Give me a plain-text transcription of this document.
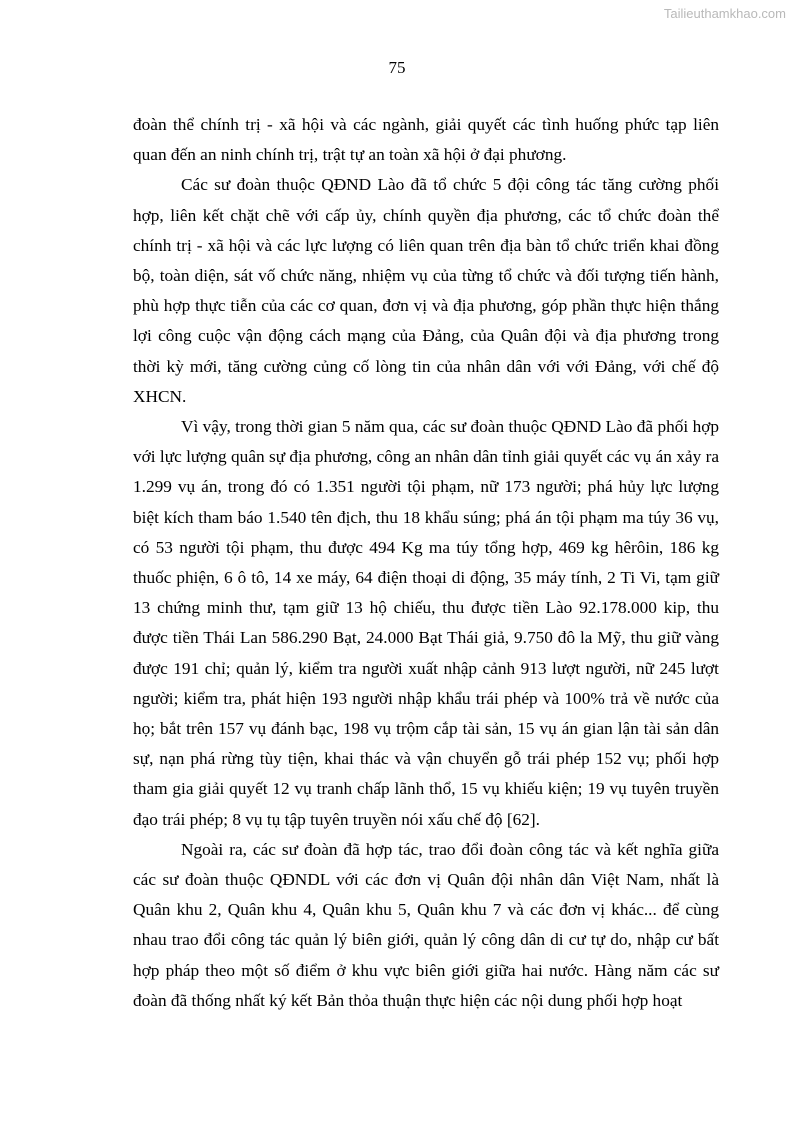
Tailieuthamkhao.com
75

đoàn thể chính trị - xã hội và các ngành, giải quyết các tình huống phức tạp liên quan đến an ninh chính trị, trật tự an toàn xã hội ở đại phương.

Các sư đoàn thuộc QĐND Lào đã tổ chức 5 đội công tác tăng cường phối hợp, liên kết chặt chẽ với cấp ủy, chính quyền địa phương, các tổ chức đoàn thể chính trị - xã hội và các lực lượng có liên quan trên địa bàn tổ chức triển khai đồng bộ, toàn diện, sát vố chức năng, nhiệm vụ của từng tổ chức và đối tượng tiến hành, phù hợp thực tiễn của các cơ quan, đơn vị và địa phương, góp phần thực hiện thắng lợi công cuộc vận động cách mạng của Đảng, của Quân đội và địa phương trong thời kỳ mới, tăng cường củng cố lòng tin của nhân dân với với Đảng, với chế độ XHCN.

Vì vậy, trong thời gian 5 năm qua, các sư đoàn thuộc QĐND Lào đã phối hợp với lực lượng quân sự địa phương, công an nhân dân tỉnh giải quyết các vụ án xảy ra 1.299 vụ án, trong đó có 1.351 người tội phạm, nữ 173 người; phá hủy lực lượng biệt kích tham báo 1.540 tên địch, thu 18 khẩu súng; phá án tội phạm ma túy 36 vụ, có 53 người tội phạm, thu được 494 Kg ma túy tổng hợp, 469 kg hêrôin, 186 kg thuốc phiện, 6 ô tô, 14 xe máy, 64 điện thoại di động, 35 máy tính, 2 Ti Vi, tạm giữ 13 chứng minh thư, tạm giữ 13 hộ chiếu, thu được tiền Lào 92.178.000 kip, thu được tiền Thái Lan 586.290 Bạt, 24.000 Bạt Thái giả, 9.750 đô la Mỹ, thu giữ vàng được 191 chỉ; quản lý, kiểm tra người xuất nhập cảnh 913 lượt người, nữ 245 lượt người; kiểm tra, phát hiện 193 người nhập khẩu trái phép và 100% trả về nước của họ; bắt trên 157 vụ đánh bạc, 198 vụ trộm cắp tài sản, 15 vụ án gian lận tài sản dân sự, nạn phá rừng tùy tiện, khai thác và vận chuyển gỗ trái phép 152 vụ; phối hợp tham gia giải quyết 12 vụ tranh chấp lãnh thổ, 15 vụ khiếu kiện; 19 vụ tuyên truyền đạo trái phép; 8 vụ tụ tập tuyên truyền nói xấu chế độ [62].

Ngoài ra, các sư đoàn đã hợp tác, trao đổi đoàn công tác và kết nghĩa giữa các sư đoàn thuộc QĐNDL với các đơn vị Quân đội nhân dân Việt Nam, nhất là Quân khu 2, Quân khu 4, Quân khu 5, Quân khu 7 và các đơn vị khác... để cùng nhau trao đổi công tác quản lý biên giới, quản lý công dân di cư tự do, nhập cư bất hợp pháp theo một số điểm ở khu vực biên giới giữa hai nước. Hàng năm các sư đoàn đã thống nhất ký kết Bản thỏa thuận thực hiện các nội dung phối hợp hoạt
